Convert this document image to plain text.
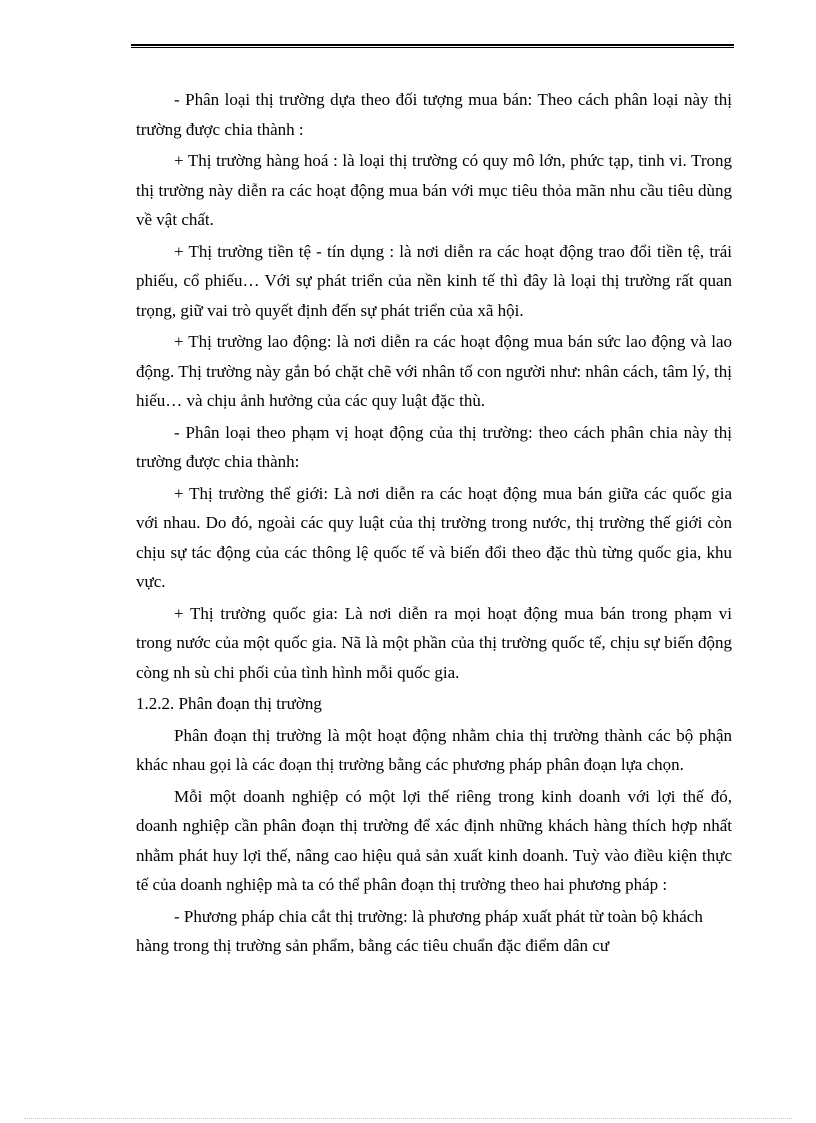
- Phân loại thị trường dựa theo đối tượng mua bán: Theo cách phân loại này thị trường được chia thành :

+ Thị trường hàng hoá : là loại thị trường có quy mô lớn, phức tạp, tinh vi. Trong thị trường này diễn ra các hoạt động mua bán với mục tiêu thỏa mãn nhu cầu tiêu dùng về vật chất.

+ Thị trường tiền tệ - tín dụng : là nơi diễn ra các hoạt động trao đổi tiền tệ, trái phiếu, cổ phiếu… Với sự phát triển của nền kinh tế thì đây là loại thị trường rất quan trọng, giữ vai trò quyết định đến sự phát triển của xã hội.

+ Thị trường lao động: là nơi diễn ra các hoạt động mua bán sức lao động và lao động. Thị trường này gắn bó chặt chẽ với nhân tố con người như: nhân cách, tâm lý, thị hiếu… và chịu ảnh hưởng của các quy luật đặc thù.

- Phân loại theo phạm vị hoạt động của thị trường: theo cách phân chia này thị trường được chia thành:

+ Thị trường thế giới: Là nơi diễn ra các hoạt động mua bán giữa các quốc gia với nhau. Do đó, ngoài các quy luật của thị trường trong nước, thị trường thế giới còn chịu sự tác động của các thông lệ quốc tế và biến đổi theo đặc thù từng quốc gia, khu vực.

+ Thị trường quốc gia: Là nơi diễn ra mọi hoạt động mua bán trong phạm vi trong nước của một quốc gia. Nã là một phần của thị trường quốc tế, chịu sự biến động còng nh sù chi phối của tình hình mỗi quốc gia.

1.2.2. Phân đoạn thị trường

Phân đoạn thị trường là một hoạt động nhằm chia thị trường thành các bộ phận khác nhau gọi là các đoạn thị trường bằng các phương pháp phân đoạn lựa chọn.

Mỗi một doanh nghiệp có một lợi thế riêng trong kinh doanh với lợi thế đó, doanh nghiệp cần phân đoạn thị trường để xác định những khách hàng thích hợp nhất nhằm phát huy lợi thế, nâng cao hiệu quả sản xuất kinh doanh. Tuỳ vào điều kiện thực tế của doanh nghiệp mà ta có thể phân đoạn thị trường theo hai phương pháp :

- Phương pháp chia cắt thị trường: là phương pháp xuất phát từ toàn bộ khách hàng trong thị trường sản phẩm, bằng các tiêu chuẩn đặc điểm dân cư
